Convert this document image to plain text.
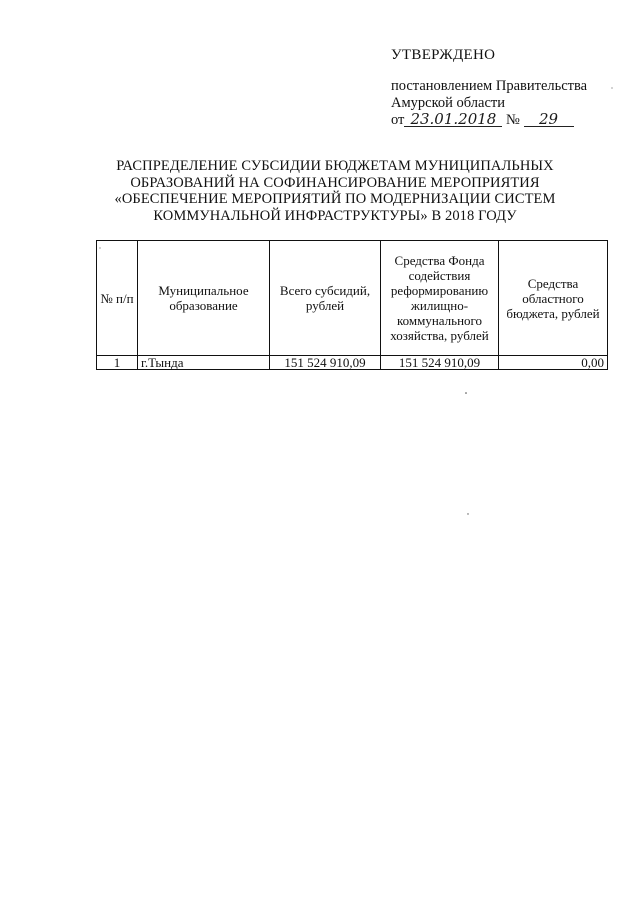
УТВЕРЖДЕНО
постановлением Правительства
Амурской области
от 23.01.2018 № 29
РАСПРЕДЕЛЕНИЕ СУБСИДИИ БЮДЖЕТАМ МУНИЦИПАЛЬНЫХ
ОБРАЗОВАНИЙ НА СОФИНАНСИРОВАНИЕ МЕРОПРИЯТИЯ
«ОБЕСПЕЧЕНИЕ МЕРОПРИЯТИЙ ПО МОДЕРНИЗАЦИИ СИСТЕМ
КОММУНАЛЬНОЙ ИНФРАСТРУКТУРЫ» В 2018 ГОДУ
№ п/п	Муниципальное образование	Всего субсидий, рублей	Средства Фонда содействия реформированию жилищно-коммунального хозяйства, рублей	Средства областного бюджета, рублей
1	г.Тында	151 524 910,09	151 524 910,09	0,00
